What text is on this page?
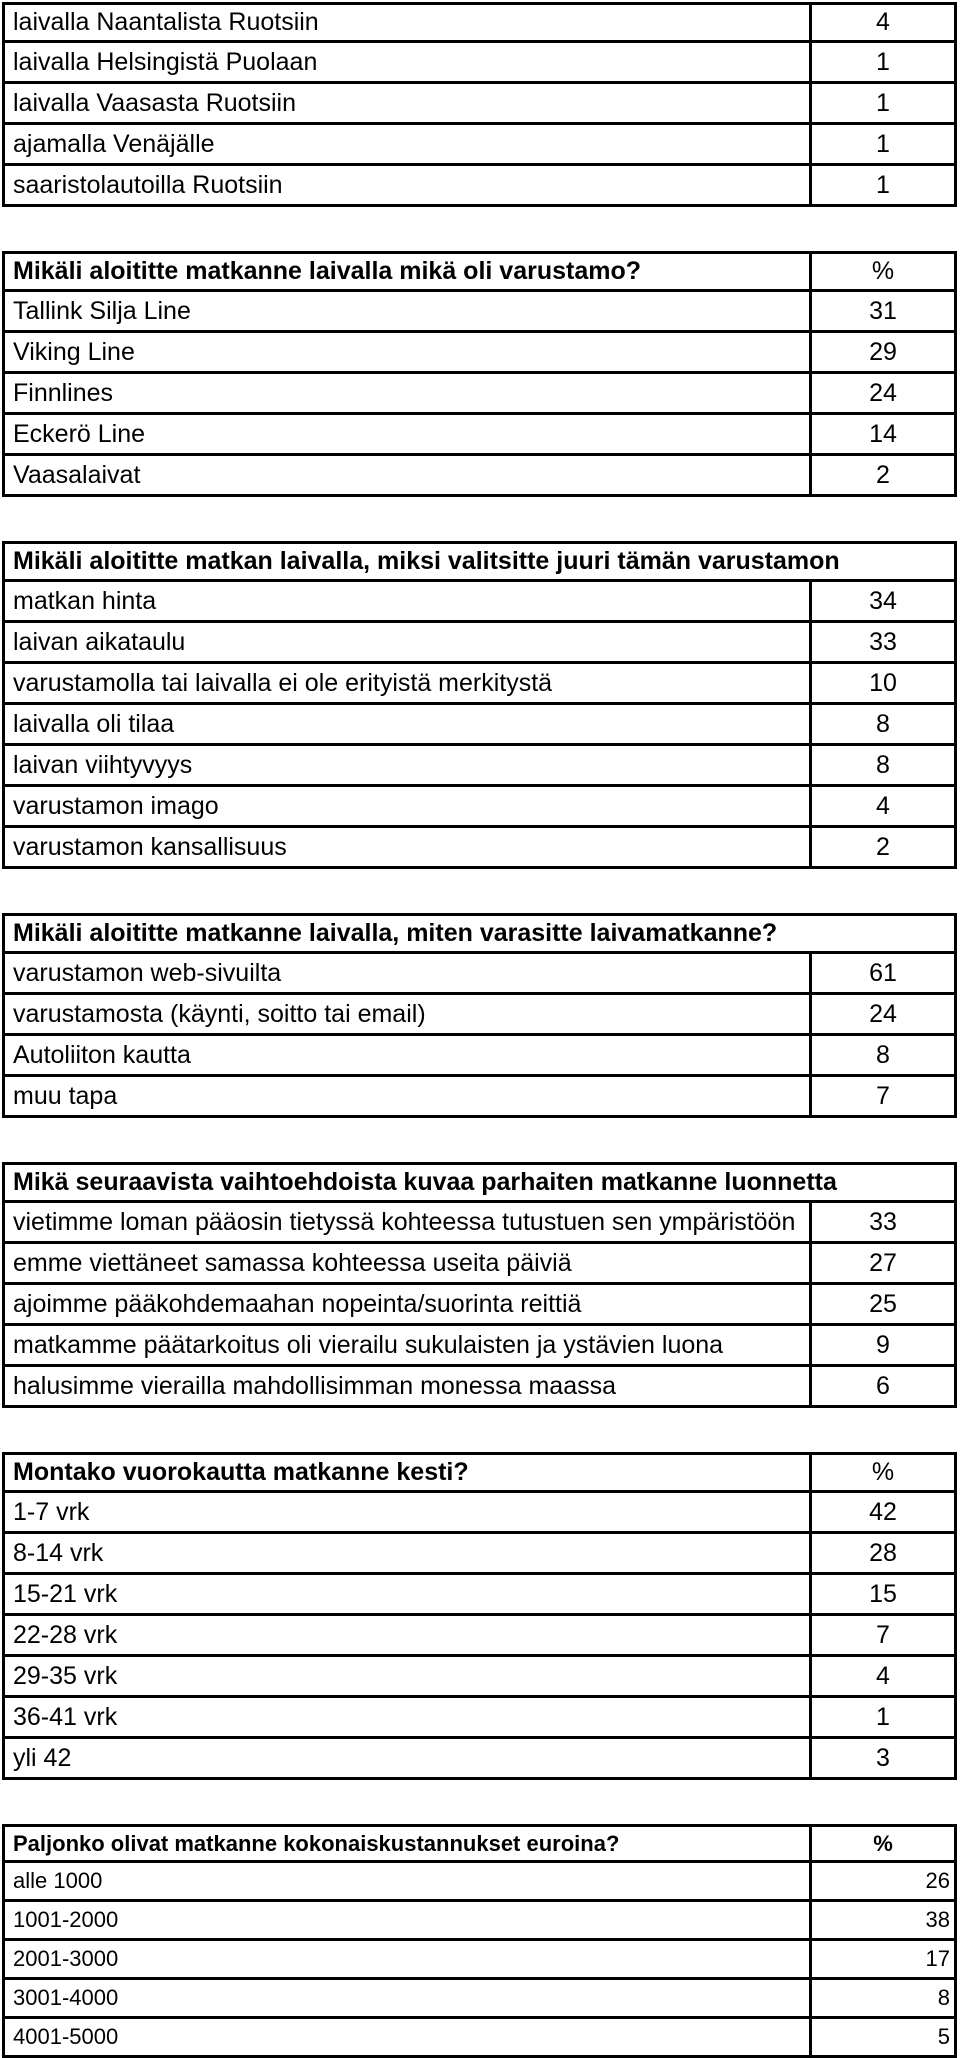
laivalla Naantalista Ruotsiin	4
laivalla Helsingistä Puolaan	1
laivalla Vaasasta Ruotsiin	1
ajamalla Venäjälle	1
saaristolautoilla Ruotsiin	1
Mikäli aloititte matkanne laivalla mikä oli varustamo?	%
Tallink Silja Line	31
Viking Line	29
Finnlines	24
Eckerö Line	14
Vaasalaivat	2
Mikäli aloititte matkan laivalla, miksi valitsitte juuri tämän varustamon
matkan hinta	34
laivan aikataulu	33
varustamolla tai laivalla ei ole erityistä merkitystä	10
laivalla oli tilaa	8
laivan viihtyvyys	8
varustamon imago	4
varustamon kansallisuus	2
Mikäli aloititte matkanne laivalla, miten varasitte laivamatkanne?
varustamon web-sivuilta	61
varustamosta (käynti, soitto tai email)	24
Autoliiton kautta	8
muu tapa	7
Mikä seuraavista vaihtoehdoista kuvaa parhaiten matkanne luonnetta
vietimme loman pääosin tietyssä kohteessa tutustuen sen ympäristöön	33
emme viettäneet samassa kohteessa useita päiviä	27
ajoimme pääkohdemaahan nopeinta/suorinta reittiä	25
matkamme päätarkoitus oli vierailu sukulaisten ja ystävien luona	9
halusimme vierailla mahdollisimman monessa maassa	6
Montako vuorokautta matkanne kesti?	%
1-7 vrk	42
8-14 vrk	28
15-21 vrk	15
22-28 vrk	7
29-35 vrk	4
36-41 vrk	1
yli 42	3
Paljonko olivat matkanne kokonaiskustannukset euroina?	%
alle 1000	26
1001-2000	38
2001-3000	17
3001-4000	8
4001-5000	5
